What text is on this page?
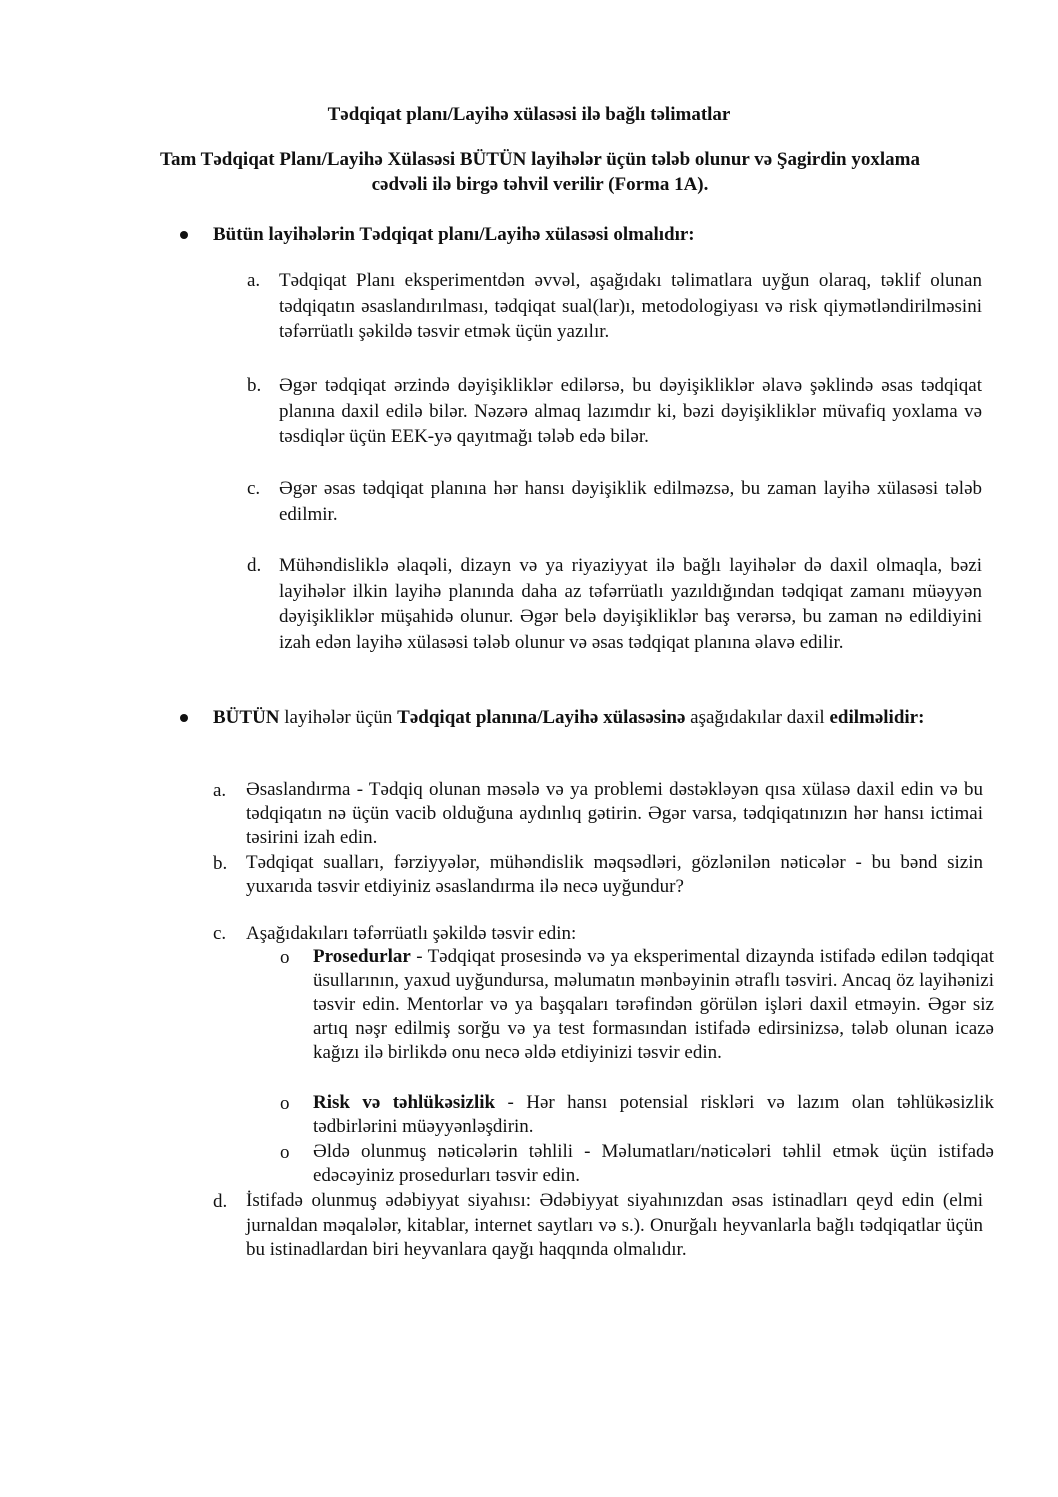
Tədqiqat planı/Layihə xülasəsi ilə bağlı təlimatlar
Tam Tədqiqat Planı/Layihə Xülasəsi BÜTÜN layihələr üçün tələb olunur və Şagirdin yoxlama cədvəli ilə birgə təhvil verilir (Forma 1A).
Bütün layihələrin Tədqiqat planı/Layihə xülasəsi olmalıdır:
a. Tədqiqat Planı eksperimentdən əvvəl, aşağıdakı təlimatlara uyğun olaraq, təklif olunan tədqiqatın əsaslandırılması, tədqiqat sual(lar)ı, metodologiyası və risk qiymətləndirilməsini təfərrüatlı şəkildə təsvir etmək üçün yazılır.
b. Əgər tədqiqat ərzində dəyişikliklər edilərsə, bu dəyişikliklər əlavə şəklində əsas tədqiqat planına daxil edilə bilər. Nəzərə almaq lazımdır ki, bəzi dəyişikliklər müvafiq yoxlama və təsdiqlər üçün EEK-yə qayıtmağı tələb edə bilər.
c. Əgər əsas tədqiqat planına hər hansı dəyişiklik edilməzsə, bu zaman layihə xülasəsi tələb edilmir.
d. Mühəndisliklə əlaqəli, dizayn və ya riyaziyyat ilə bağlı layihələr də daxil olmaqla, bəzi layihələr ilkin layihə planında daha az təfərrüatlı yazıldığından tədqiqat zamanı müəyyən dəyişikliklər müşahidə olunur. Əgər belə dəyişikliklər baş verərsə, bu zaman nə edildiyini izah edən layihə xülasəsi tələb olunur və əsas tədqiqat planına əlavə edilir.
BÜTÜN layihələr üçün Tədqiqat planına/Layihə xülasəsinə aşağıdakılar daxil edilməlidir:
a. Əsaslandırma - Tədqiq olunan məsələ və ya problemi dəstəkləyən qısa xülasə daxil edin və bu tədqiqatın nə üçün vacib olduğuna aydınlıq gətirin. Əgər varsa, tədqiqatınızın hər hansı ictimai təsirini izah edin.
b. Tədqiqat sualları, fərziyyələr, mühəndislik məqsədləri, gözlənilən nəticələr - bu bənd sizin yuxarıda təsvir etdiyiniz əsaslandırma ilə necə uyğundur?
c. Aşağıdakıları təfərrüatlı şəkildə təsvir edin:
o Prosedurlar - Tədqiqat prosesində və ya eksperimental dizaynda istifadə edilən tədqiqat üsullarının, yaxud uyğundursa, məlumatın mənbəyinin ətraflı təsviri. Ancaq öz layihənizi təsvir edin. Mentorlar və ya başqaları tərəfindən görülən işləri daxil etməyin. Əgər siz artıq nəşr edilmiş sorğu və ya test formasından istifadə edirsinizsə, tələb olunan icazə kağızı ilə birlikdə onu necə əldə etdiyinizi təsvir edin.
o Risk və təhlükəsizlik - Hər hansı potensial riskləri və lazım olan təhlükəsizlik tədbirlərini müəyyənləşdirin.
o Əldə olunmuş nəticələrin təhlili - Məlumatları/nəticələri təhlil etmək üçün istifadə edəcəyiniz prosedurları təsvir edin.
d. İstifadə olunmuş ədəbiyyat siyahısı: Ədəbiyyat siyahınızdan əsas istinadları qeyd edin (elmi jurnaldan məqalələr, kitablar, internet saytları və s.). Onurğalı heyvanlarla bağlı tədqiqatlar üçün bu istinadlardan biri heyvanlara qayğı haqqında olmalıdır.
